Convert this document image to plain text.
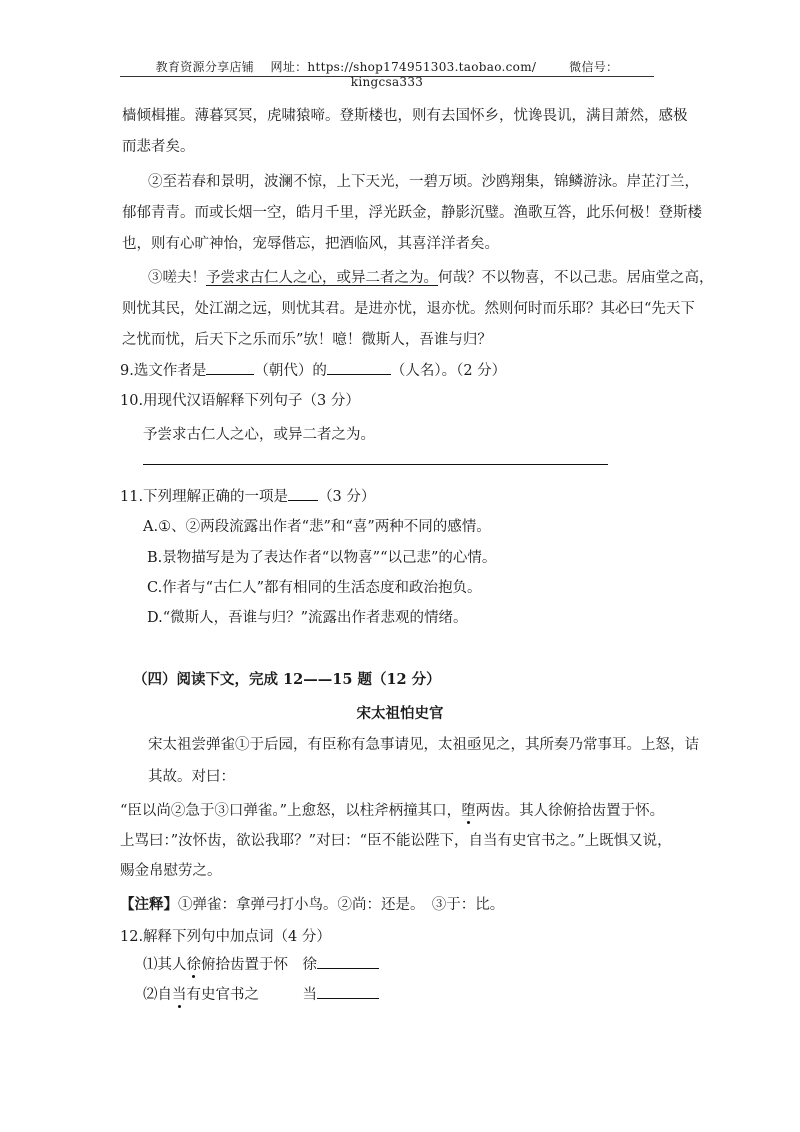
教育资源分享店铺 网址：https://shop174951303.taobao.com/	微信号：kingcsa333
樯倾楫摧。薄暮冥冥，虎啸猿啼。登斯楼也，则有去国怀乡，忧谗畏讥，满目萧然，感极
而悲者矣。
②至若春和景明，波澜不惊，上下天光，一碧万顷。沙鸥翔集，锦鳞游泳。岸芷汀兰，
郁郁青青。而或长烟一空，皓月千里，浮光跃金，静影沉璧。渔歌互答，此乐何极！登斯楼
也，则有心旷神怡，宠辱偕忘，把酒临风，其喜洋洋者矣。
③嗟夫！予尝求古仁人之心，或异二者之为。何哉？不以物喜，不以己悲。居庙堂之高，
则忧其民，处江湖之远，则忧其君。是进亦忧，退亦忧。然则何时而乐耶？其必曰“先天下
之忧而忧，后天下之乐而乐”欤！噫！微斯人，吾谁与归？
9.选文作者是	（朝代）的	（人名）。（2 分）
10.用现代汉语解释下列句子（3 分）
予尝求古仁人之心，或异二者之为。
11.下列理解正确的一项是 （3 分）
A.①、②两段流露出作者“悲”和“喜”两种不同的感情。
B.景物描写是为了表达作者“以物喜”“以己悲”的心情。
C.作者与“古仁人”都有相同的生活态度和政治抱负。
D.“微斯人，吾谁与归？”流露出作者悲观的情绪。
（四）阅读下文，完成 12——15 题（12 分）
宋太祖怕史官
宋太祖尝弹雀①于后园，有臣称有急事请见，太祖亟见之，其所奏乃常事耳。上怒，诘
其故。对曰：
“臣以尚②急于③口弹雀。”上愈怒，以柱斧柄撞其口，堕两齿。其人徐俯拾齿置于怀。
上骂曰：”汝怀齿，欲讼我耶？”对曰：“臣不能讼陛下，自当有史官书之。”上既惧又说，
赐金帛慰劳之。
【注释】①弹雀：拿弹弓打小鸟。②尚：还是。　③于：比。
12.解释下列句中加点词（4 分）
⑴其人徐俯拾齿置于怀　徐
⑵自当有史官书之　　　当
